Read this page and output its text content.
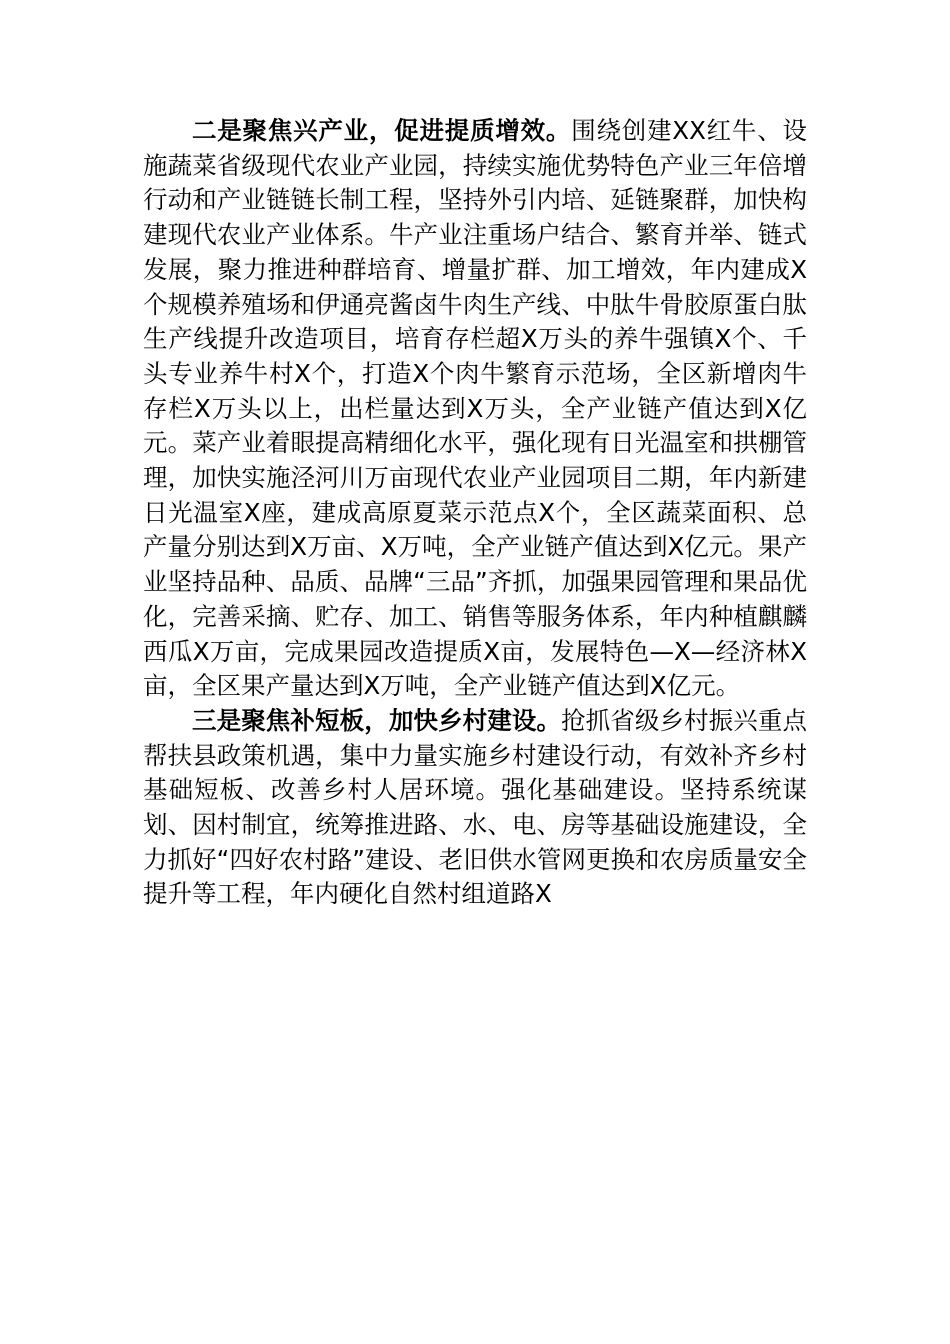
二是聚焦兴产业，促进提质增效。围绕创建XX红牛、设施蔬菜省级现代农业产业园，持续实施优势特色产业三年倍增行动和产业链链长制工程，坚持外引内培、延链聚群，加快构建现代农业产业体系。牛产业注重场户结合、繁育并举、链式发展，聚力推进种群培育、增量扩群、加工增效，年内建成X个规模养殖场和伊通亮酱卤牛肉生产线、中肽牛骨胶原蛋白肽生产线提升改造项目，培育存栏超X万头的养牛强镇X个、千头专业养牛村X个，打造X个肉牛繁育示范场，全区新增肉牛存栏X万头以上，出栏量达到X万头，全产业链产值达到X亿元。菜产业着眼提高精细化水平，强化现有日光温室和拱棚管理，加快实施泾河川万亩现代农业产业园项目二期，年内新建日光温室X座，建成高原夏菜示范点X个，全区蔬菜面积、总产量分别达到X万亩、X万吨，全产业链产值达到X亿元。果产业坚持品种、品质、品牌“三品”齐抓，加强果园管理和果品优化，完善采摘、贮存、加工、销售等服务体系，年内种植麒麟西瓜X万亩，完成果园改造提质X亩，发展特色—X—经济林X亩，全区果产量达到X万吨，全产业链产值达到X亿元。

三是聚焦补短板，加快乡村建设。抢抓省级乡村振兴重点帮扶县政策机遇，集中力量实施乡村建设行动，有效补齐乡村基础短板、改善乡村人居环境。强化基础建设。坚持系统谋划、因村制宜，统筹推进路、水、电、房等基础设施建设，全力抓好“四好农村路”建设、老旧供水管网更换和农房质量安全提升等工程，年内硬化自然村组道路X
